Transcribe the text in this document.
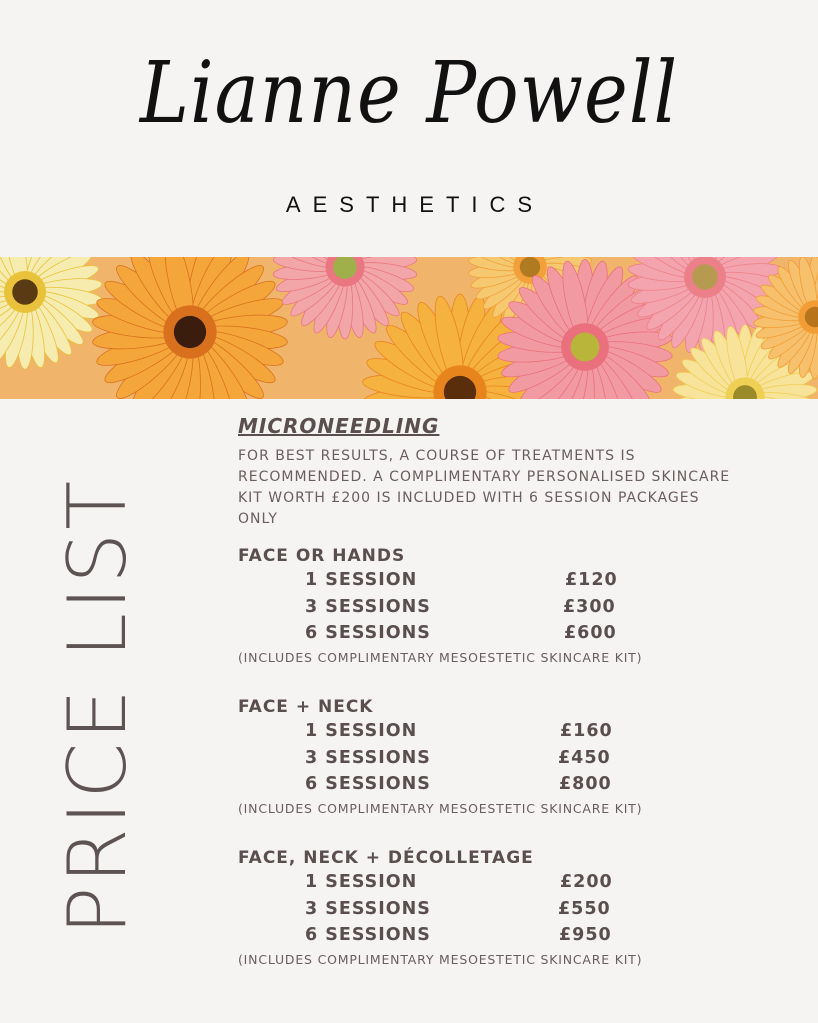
Lianne Powell
AESTHETICS
PRICE LIST
MICRONEEDLING
FOR BEST RESULTS, A COURSE OF TREATMENTS IS RECOMMENDED. A COMPLIMENTARY PERSONALISED SKINCARE KIT WORTH £200 IS INCLUDED WITH 6 SESSION PACKAGES ONLY
FACE OR HANDS
1 SESSION	£120
3 SESSIONS	£300
6 SESSIONS	£600
(INCLUDES COMPLIMENTARY MESOESTETIC SKINCARE KIT)
FACE + NECK
1 SESSION	£160
3 SESSIONS	£450
6 SESSIONS	£800
(INCLUDES COMPLIMENTARY MESOESTETIC SKINCARE KIT)
FACE, NECK + DÉCOLLETAGE
1 SESSION	£200
3 SESSIONS	£550
6 SESSIONS	£950
(INCLUDES COMPLIMENTARY MESOESTETIC SKINCARE KIT)
